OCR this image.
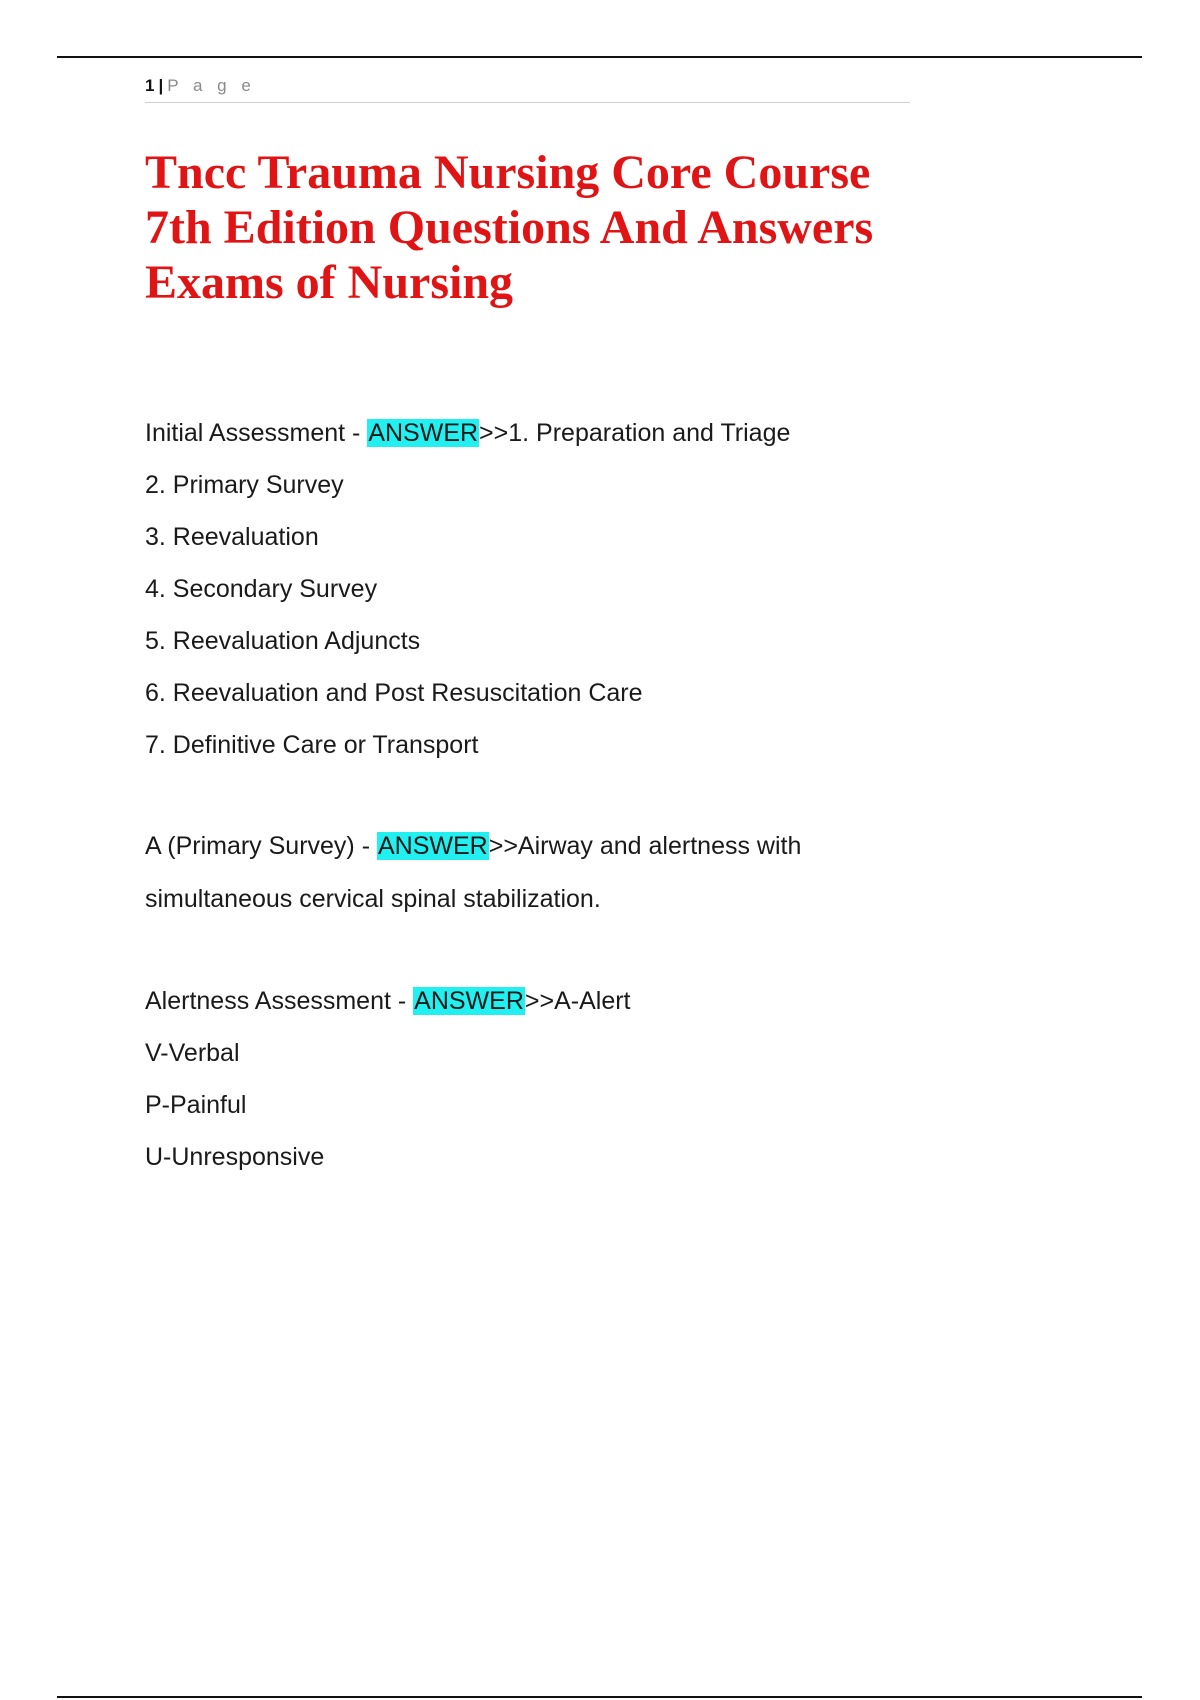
1 | P a g e
Tncc Trauma Nursing Core Course 7th Edition Questions And Answers Exams of Nursing

Initial Assessment - ANSWER>>1. Preparation and Triage

2. Primary Survey

3. Reevaluation

4. Secondary Survey

5. Reevaluation Adjuncts

6. Reevaluation and Post Resuscitation Care

7. Definitive Care or Transport

A (Primary Survey) - ANSWER>>Airway and alertness with

simultaneous cervical spinal stabilization.

Alertness Assessment - ANSWER>>A-Alert

V-Verbal

P-Painful

U-Unresponsive
